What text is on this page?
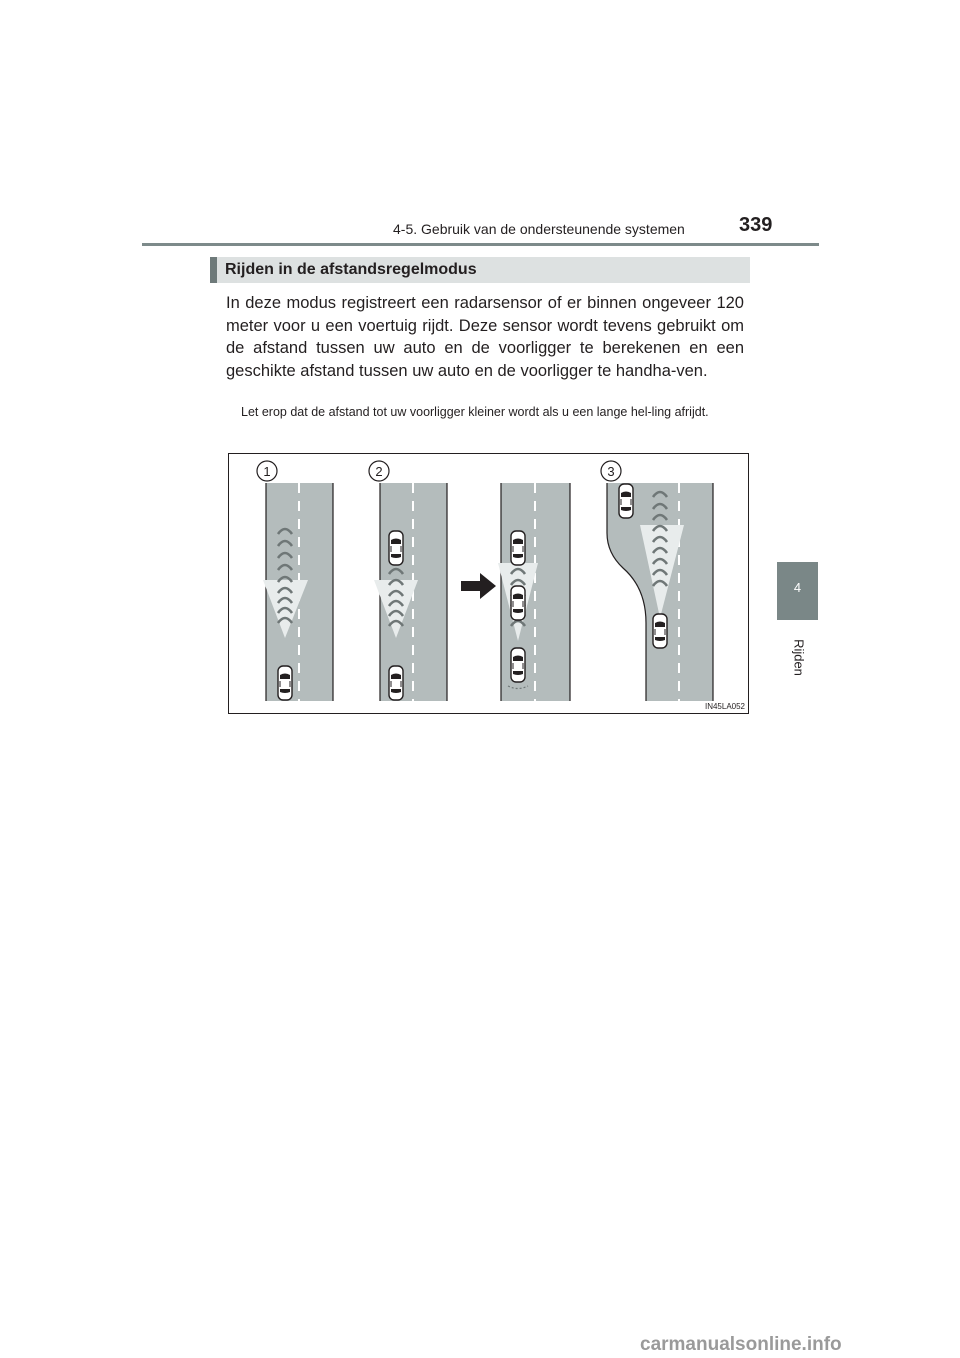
4-5. Gebruik van de ondersteunende systemen	339
Rijden in de afstandsregelmodus
In deze modus registreert een radarsensor of er binnen ongeveer 120 meter voor u een voertuig rijdt. Deze sensor wordt tevens gebruikt om de afstand tussen uw auto en de voorligger te berekenen en een geschikte afstand tussen uw auto en de voorligger te handha-ven.
Let erop dat de afstand tot uw voorligger kleiner wordt als u een lange hel-ling afrijdt.
1	2	3
IN45LA052
4
Rijden
carmanualsonline.info
